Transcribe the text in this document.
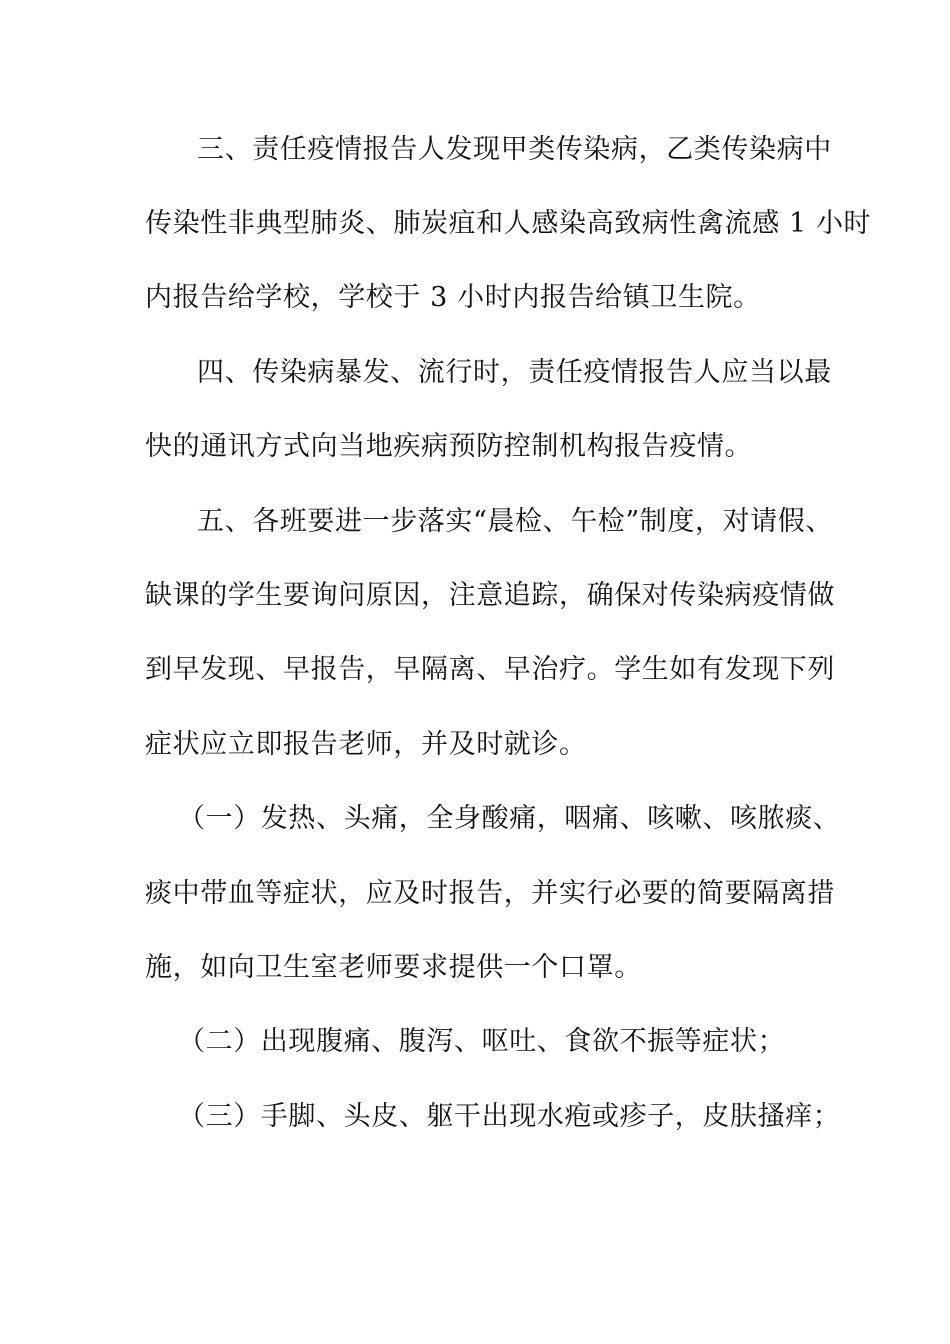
三、责任疫情报告人发现甲类传染病，乙类传染病中
传染性非典型肺炎、肺炭疽和人感染高致病性禽流感 1 小时
内报告给学校，学校于 3 小时内报告给镇卫生院。
四、传染病暴发、流行时，责任疫情报告人应当以最
快的通讯方式向当地疾病预防控制机构报告疫情。
五、各班要进一步落实“晨检、午检”制度，对请假、
缺课的学生要询问原因，注意追踪，确保对传染病疫情做
到早发现、早报告，早隔离、早治疗。学生如有发现下列
症状应立即报告老师，并及时就诊。
（一）发热、头痛，全身酸痛，咽痛、咳嗽、咳脓痰、
痰中带血等症状，应及时报告，并实行必要的简要隔离措
施，如向卫生室老师要求提供一个口罩。
（二）出现腹痛、腹泻、呕吐、食欲不振等症状；
（三）手脚、头皮、躯干出现水疱或疹子，皮肤搔痒；
